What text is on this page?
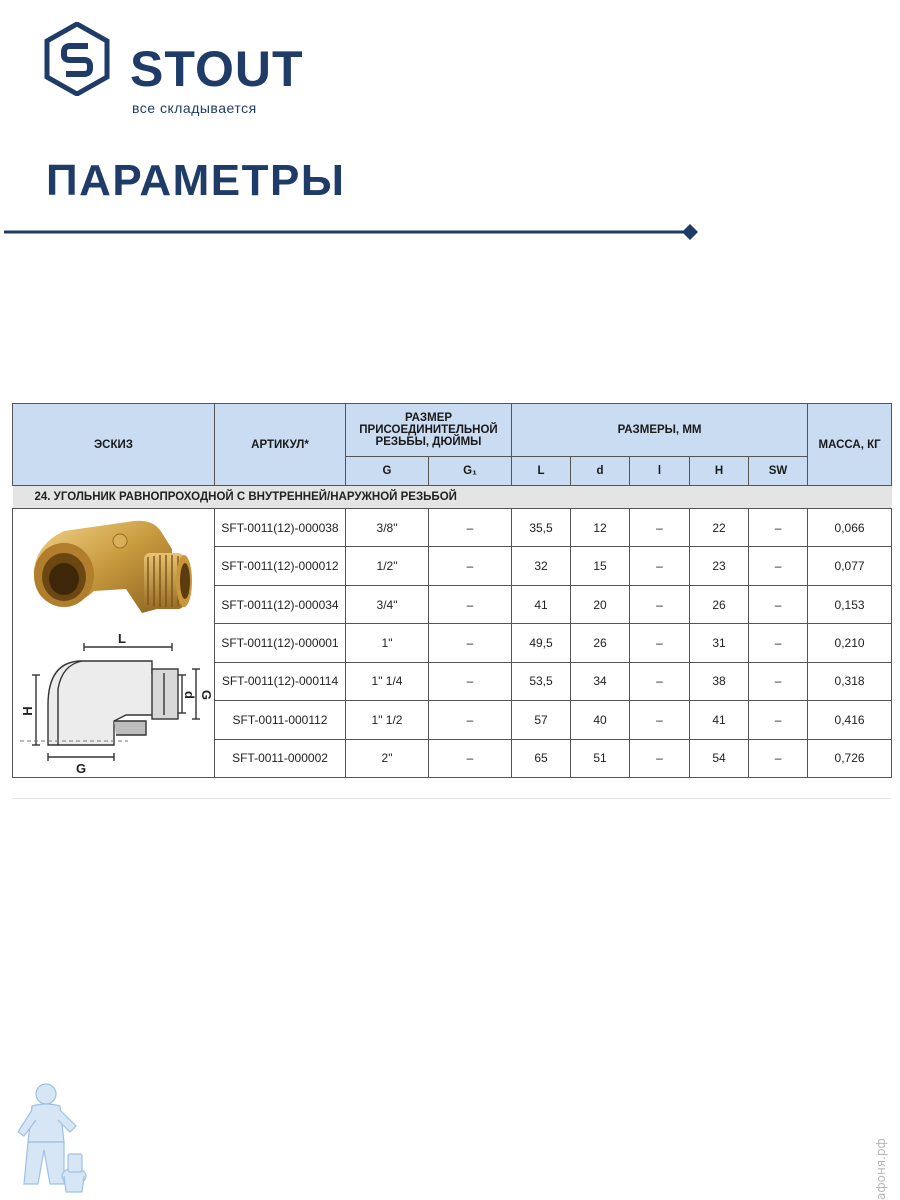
STOUT
все складывается
ПАРАМЕТРЫ
ЭСКИЗ	АРТИКУЛ*	РАЗМЕР ПРИСОЕДИНИТЕЛЬНОЙ РЕЗЬБЫ, ДЮЙМЫ		РАЗМЕРЫ, ММ					МАССА, КГ
		G	G₁	L	d	l	H	SW	
24. УГОЛЬНИК РАВНОПРОХОДНОЙ С ВНУТРЕННЕЙ/НАРУЖНОЙ РЕЗЬБОЙ									

L
d G
H
G	SFT-0011(12)-000038	3/8"	–	35,5	12	–	22	–	0,066
	SFT-0011(12)-000012	1/2"	–	32	15	–	23	–	0,077
	SFT-0011(12)-000034	3/4"	–	41	20	–	26	–	0,153
	SFT-0011(12)-000001	1"	–	49,5	26	–	31	–	0,210
	SFT-0011(12)-000114	1" 1/4	–	53,5	34	–	38	–	0,318
	SFT-0011-000112	1" 1/2	–	57	40	–	41	–	0,416
	SFT-0011-000002	2"	–	65	51	–	54	–	0,726
афоня.рф
